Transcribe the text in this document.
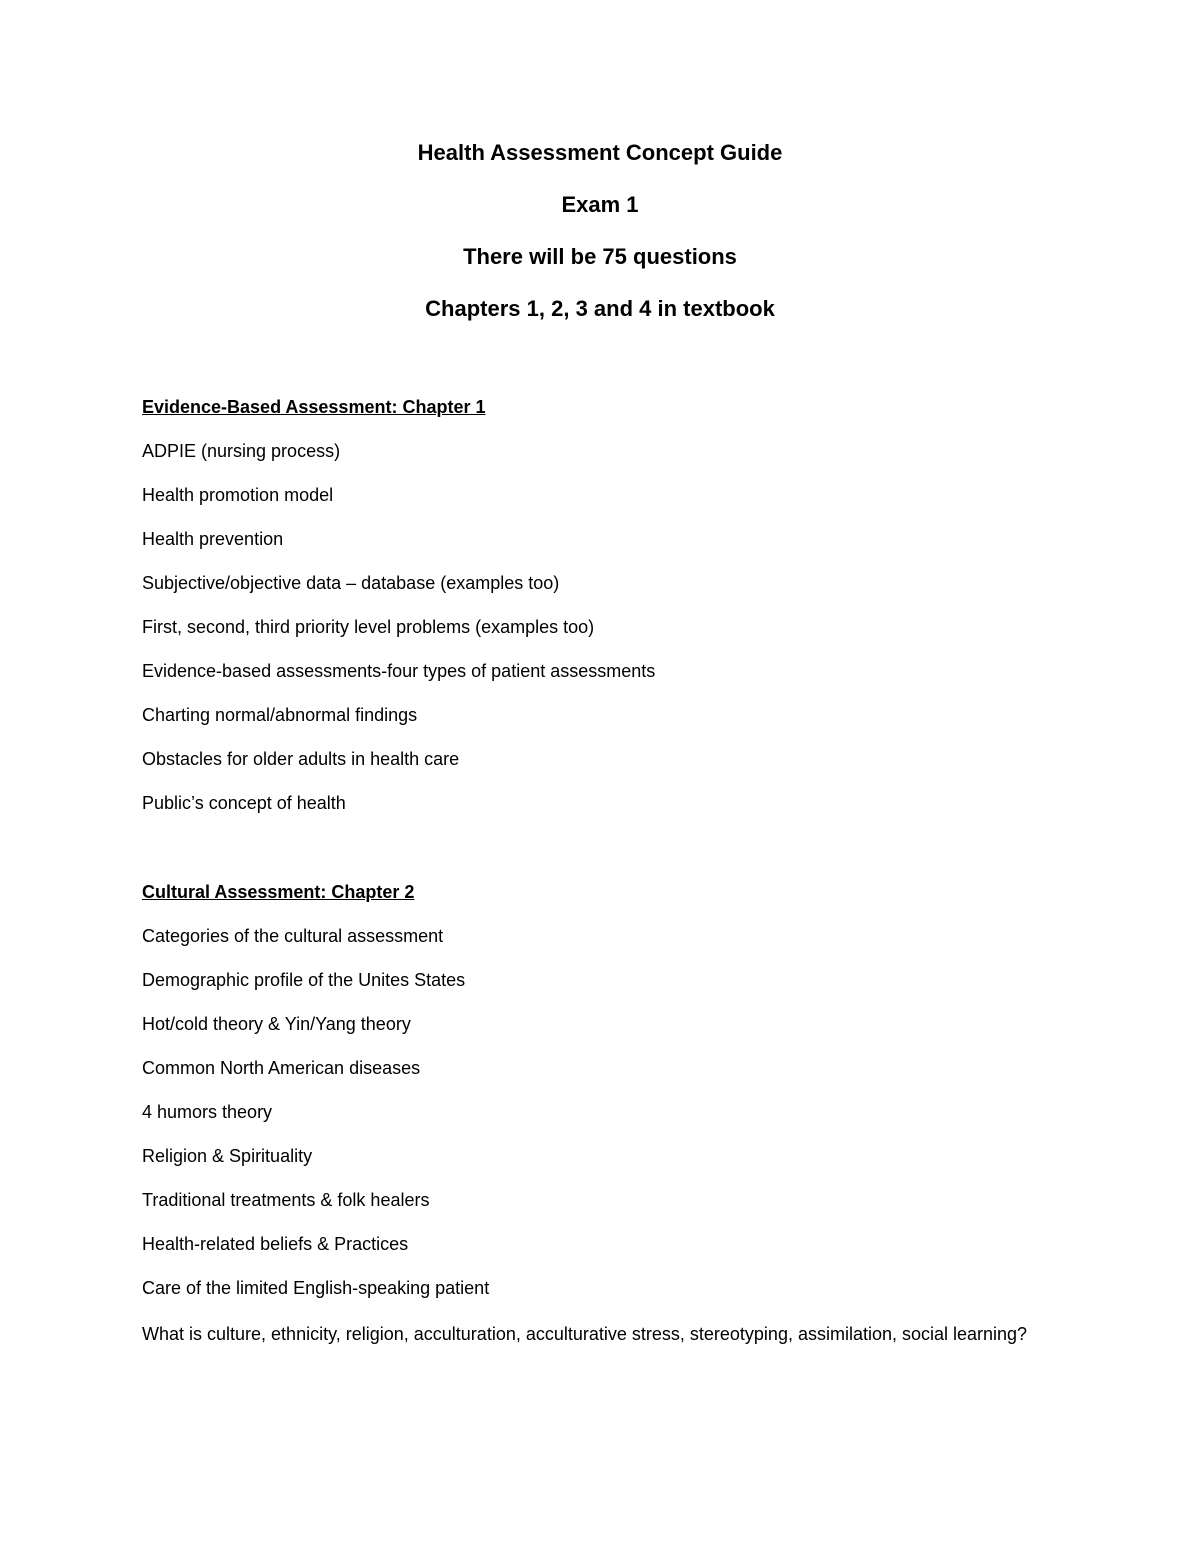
Health Assessment Concept Guide
Exam 1
There will be 75 questions
Chapters 1, 2, 3 and 4 in textbook
Evidence-Based Assessment: Chapter 1
ADPIE (nursing process)
Health promotion model
Health prevention
Subjective/objective data – database (examples too)
First, second, third priority level problems (examples too)
Evidence-based assessments-four types of patient assessments
Charting normal/abnormal findings
Obstacles for older adults in health care
Public’s concept of health
Cultural Assessment: Chapter 2
Categories of the cultural assessment
Demographic profile of the Unites States
Hot/cold theory & Yin/Yang theory
Common North American diseases
4 humors theory
Religion & Spirituality
Traditional treatments & folk healers
Health-related beliefs & Practices
Care of the limited English-speaking patient
What is culture, ethnicity, religion, acculturation, acculturative stress, stereotyping, assimilation, social learning?
